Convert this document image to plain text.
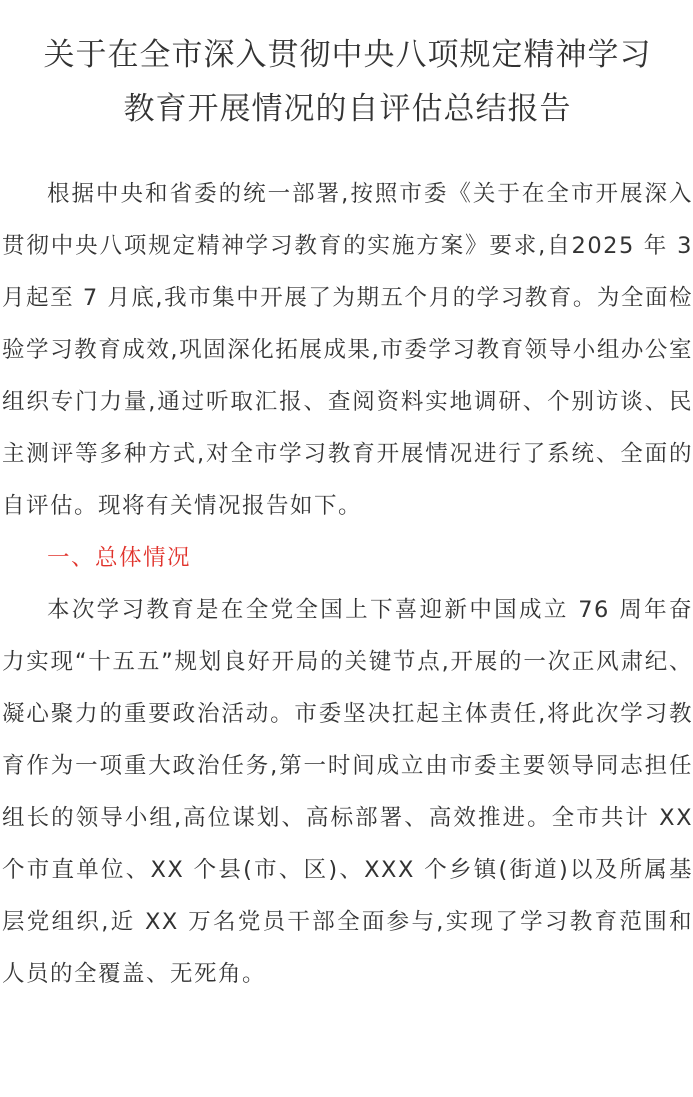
关于在全市深入贯彻中央八项规定精神学习
教育开展情况的自评估总结报告

根据中央和省委的统一部署,按照市委《关于在全市开展深入贯彻中央八项规定精神学习教育的实施方案》要求,自2025 年 3 月起至 7 月底,我市集中开展了为期五个月的学习教育。为全面检验学习教育成效,巩固深化拓展成果,市委学习教育领导小组办公室组织专门力量,通过听取汇报、查阅资料实地调研、个别访谈、民主测评等多种方式,对全市学习教育开展情况进行了系统、全面的自评估。现将有关情况报告如下。

一、总体情况

本次学习教育是在全党全国上下喜迎新中国成立 76 周年奋力实现“十五五”规划良好开局的关键节点,开展的一次正风肃纪、凝心聚力的重要政治活动。市委坚决扛起主体责任,将此次学习教育作为一项重大政治任务,第一时间成立由市委主要领导同志担任组长的领导小组,高位谋划、高标部署、高效推进。全市共计 XX 个市直单位、XX 个县(市、区)、XXX 个乡镇(街道)以及所属基层党组织,近 XX 万名党员干部全面参与,实现了学习教育范围和人员的全覆盖、无死角。
